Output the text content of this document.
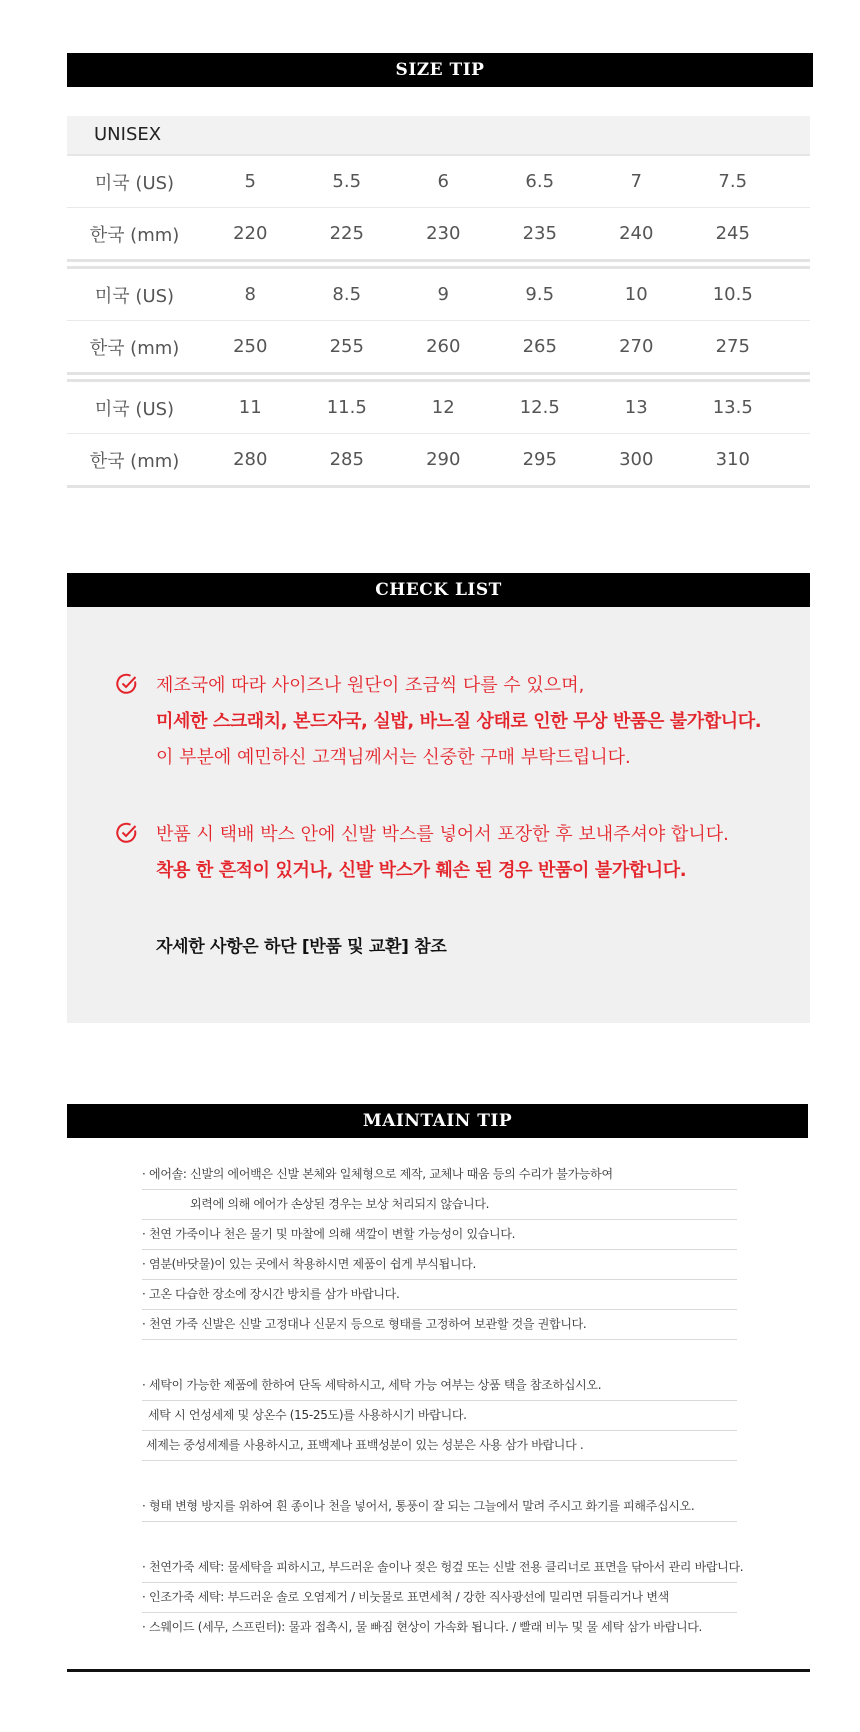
SIZE TIP
UNISEX
미국 (US)	5	5.5	6	6.5	7	7.5
한국 (mm)	220	225	230	235	240	245
미국 (US)	8	8.5	9	9.5	10	10.5
한국 (mm)	250	255	260	265	270	275
미국 (US)	11	11.5	12	12.5	13	13.5
한국 (mm)	280	285	290	295	300	310
CHECK LIST
제조국에 따라 사이즈나 원단이 조금씩 다를 수 있으며,
미세한 스크래치, 본드자국, 실밥, 바느질 상태로 인한 무상 반품은 불가합니다.
이 부분에 예민하신 고객님께서는 신중한 구매 부탁드립니다.
반품 시 택배 박스 안에 신발 박스를 넣어서 포장한 후 보내주셔야 합니다.
착용 한 흔적이 있거나, 신발 박스가 훼손 된 경우 반품이 불가합니다.
자세한 사항은 하단 [반품 및 교환] 참조
MAINTAIN TIP
· 에어솔: 신발의 에어백은 신발 본체와 일체형으로 제작, 교체나 때움 등의 수리가 불가능하여
외력에 의해 에어가 손상된 경우는 보상 처리되지 않습니다.
· 천연 가죽이나 천은 물기 및 마찰에 의해 색깔이 변할 가능성이 있습니다.
· 염분(바닷물)이 있는 곳에서 착용하시면 제품이 쉽게 부식됩니다.
· 고온 다습한 장소에 장시간 방치를 삼가 바랍니다.
· 천연 가죽 신발은 신발 고정대나 신문지 등으로 형태를 고정하여 보관할 것을 권합니다.
· 세탁이 가능한 제품에 한하여 단독 세탁하시고, 세탁 가능 여부는 상품 택을 참조하십시오.
세탁 시 언성세제 및 상온수 (15-25도)를 사용하시기 바랍니다.
세제는 중성세제를 사용하시고, 표백제나 표백성분이 있는 성분은 사용 삼가 바랍니다 .
· 형태 변형 방지를 위하여 흰 종이나 천을 넣어서, 통풍이 잘 되는 그늘에서 말려 주시고 화기를 피해주십시오.
· 천연가죽 세탁: 물세탁을 피하시고, 부드러운 솔이나 젖은 헝겊 또는 신발 전용 클리너로 표면을 닦아서 관리 바랍니다.
· 인조가죽 세탁: 부드러운 솔로 오염제거 / 비눗물로 표면세척 / 강한 직사광선에 밀리면 뒤틀리거나 변색
· 스웨이드 (세무, 스프린터): 물과 접촉시, 물 빠짐 현상이 가속화 됩니다. / 빨래 비누 및 물 세탁 삼가 바랍니다.
